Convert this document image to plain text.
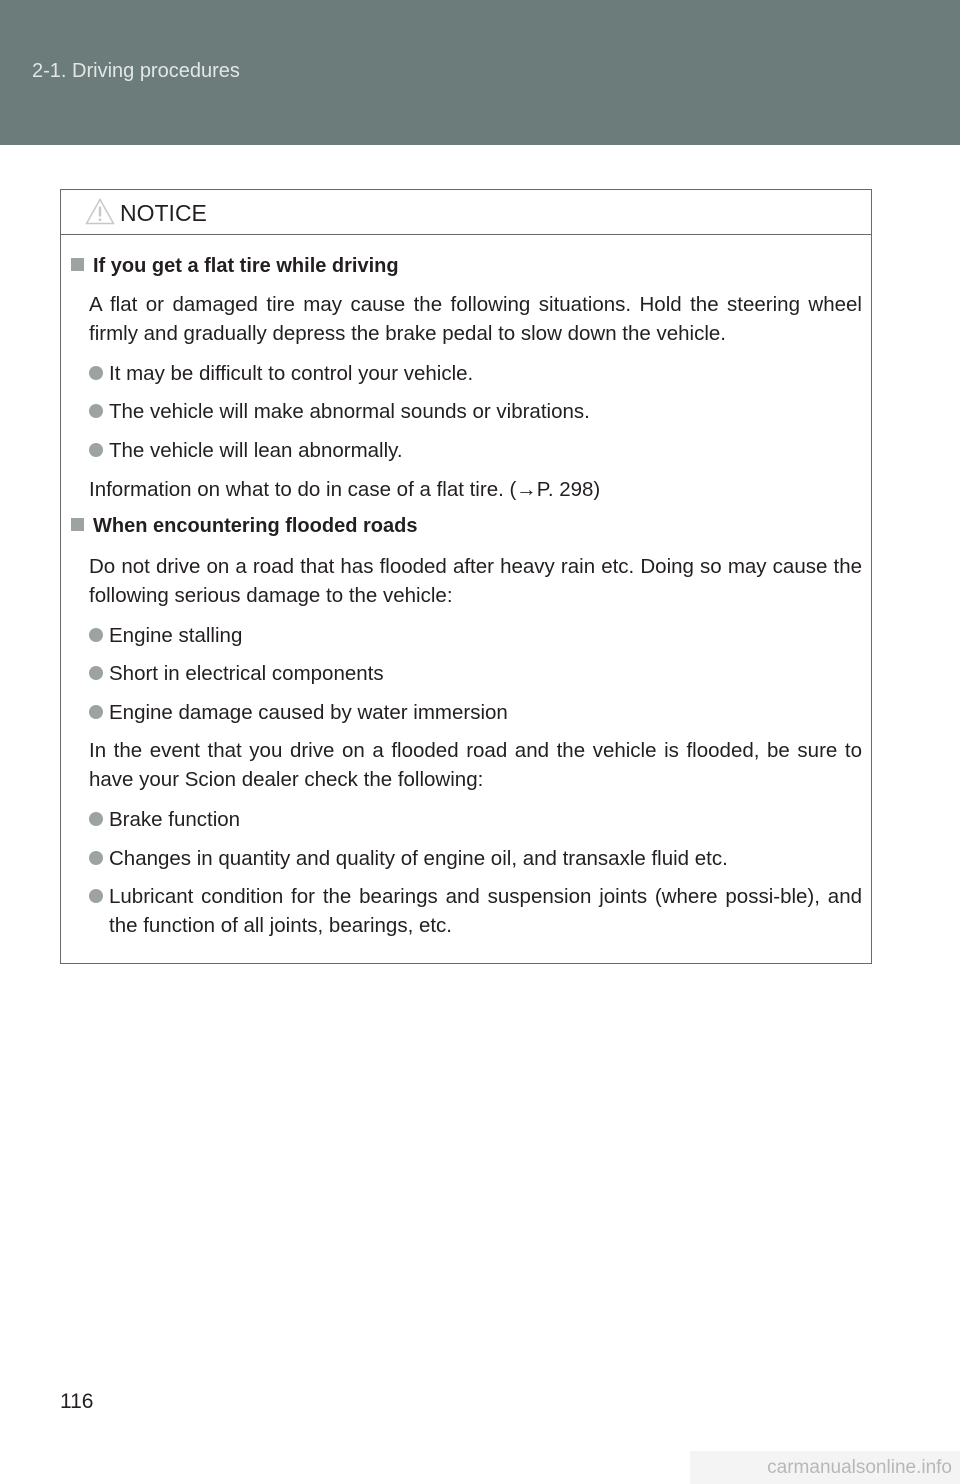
2-1. Driving procedures
NOTICE
If you get a flat tire while driving
A flat or damaged tire may cause the following situations. Hold the steering wheel firmly and gradually depress the brake pedal to slow down the vehicle.
It may be difficult to control your vehicle.
The vehicle will make abnormal sounds or vibrations.
The vehicle will lean abnormally.
Information on what to do in case of a flat tire. (→P. 298)
When encountering flooded roads
Do not drive on a road that has flooded after heavy rain etc. Doing so may cause the following serious damage to the vehicle:
Engine stalling
Short in electrical components
Engine damage caused by water immersion
In the event that you drive on a flooded road and the vehicle is flooded, be sure to have your Scion dealer check the following:
Brake function
Changes in quantity and quality of engine oil, and transaxle fluid etc.
Lubricant condition for the bearings and suspension joints (where possi-ble), and the function of all joints, bearings, etc.
116
carmanualsonline.info
